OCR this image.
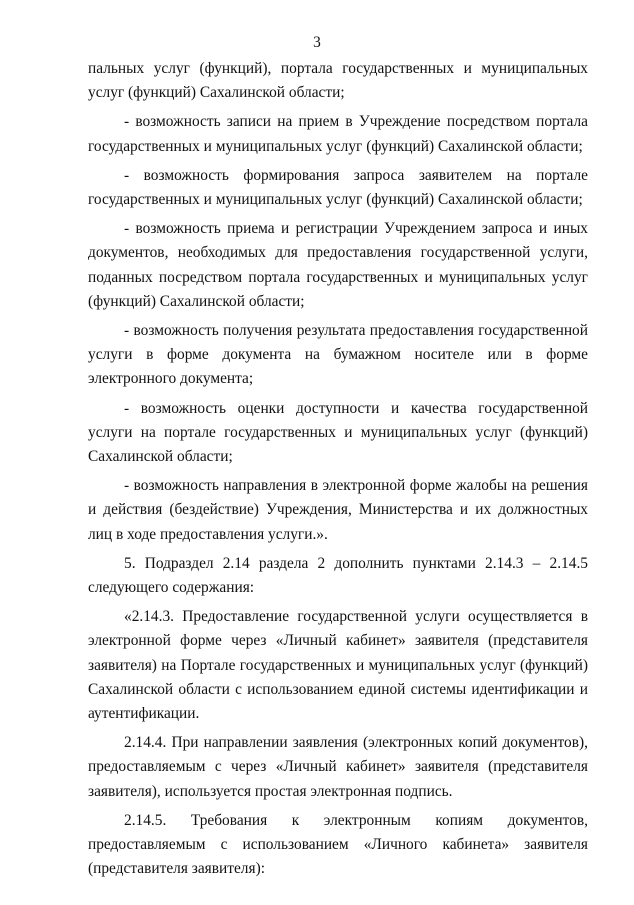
3

пальных услуг (функций), портала государственных и муниципальных услуг (функций) Сахалинской области;

- возможность записи на прием в Учреждение посредством портала государственных и муниципальных услуг (функций) Сахалинской области;

- возможность формирования запроса заявителем на портале государственных и муниципальных услуг (функций) Сахалинской области;

- возможность приема и регистрации Учреждением запроса и иных документов, необходимых для предоставления государственной услуги, поданных посредством портала государственных и муниципальных услуг (функций) Сахалинской области;

- возможность получения результата предоставления государственной услуги в форме документа на бумажном носителе или в форме электронного документа;

- возможность оценки доступности и качества государственной услуги на портале государственных и муниципальных услуг (функций) Сахалинской области;

- возможность направления в электронной форме жалобы на решения и действия (бездействие) Учреждения, Министерства и их должностных лиц в ходе предоставления услуги.».

5. Подраздел 2.14 раздела 2 дополнить пунктами 2.14.3 – 2.14.5 следующего содержания:

«2.14.3. Предоставление государственной услуги осуществляется в электронной форме через «Личный кабинет» заявителя (представителя заявителя) на Портале государственных и муниципальных услуг (функций) Сахалинской области с использованием единой системы идентификации и аутентификации.

2.14.4. При направлении заявления (электронных копий документов), предоставляемым с через «Личный кабинет» заявителя (представителя заявителя), используется простая электронная подпись.

2.14.5. Требования к электронным копиям документов, предоставляемым с использованием «Личного кабинета» заявителя (представителя заявителя):
